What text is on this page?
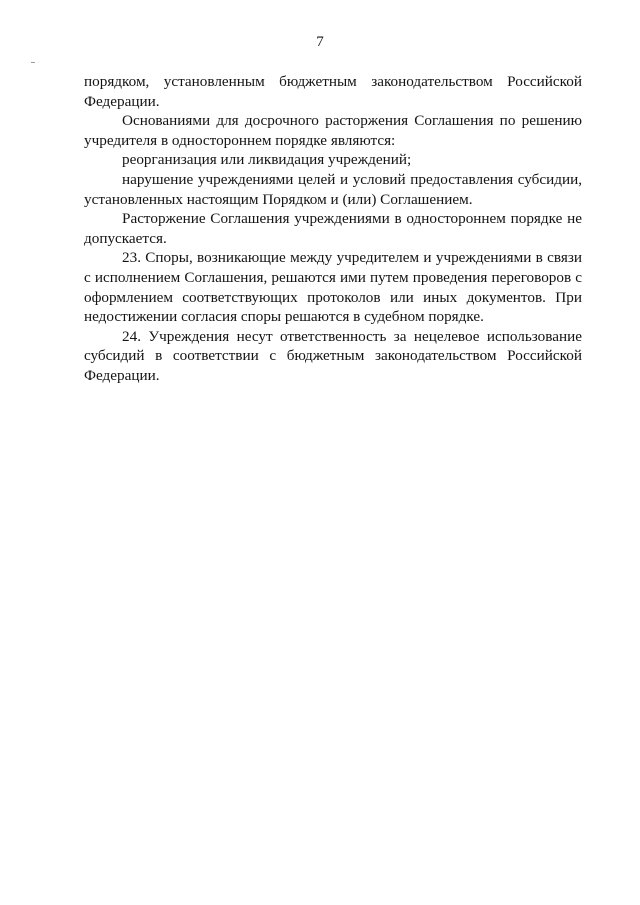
7

порядком, установленным бюджетным законодательством Российской Федерации.

Основаниями для досрочного расторжения Соглашения по решению учредителя в одностороннем порядке являются:

реорганизация или ликвидация учреждений;

нарушение учреждениями целей и условий предоставления субсидии, установленных настоящим Порядком и (или) Соглашением.

Расторжение Соглашения учреждениями в одностороннем порядке не допускается.

23. Споры, возникающие между учредителем и учреждениями в связи с исполнением Соглашения, решаются ими путем проведения переговоров с оформлением соответствующих протоколов или иных документов. При недостижении согласия споры решаются в судебном порядке.

24. Учреждения несут ответственность за нецелевое использование субсидий в соответствии с бюджетным законодательством Российской Федерации.
